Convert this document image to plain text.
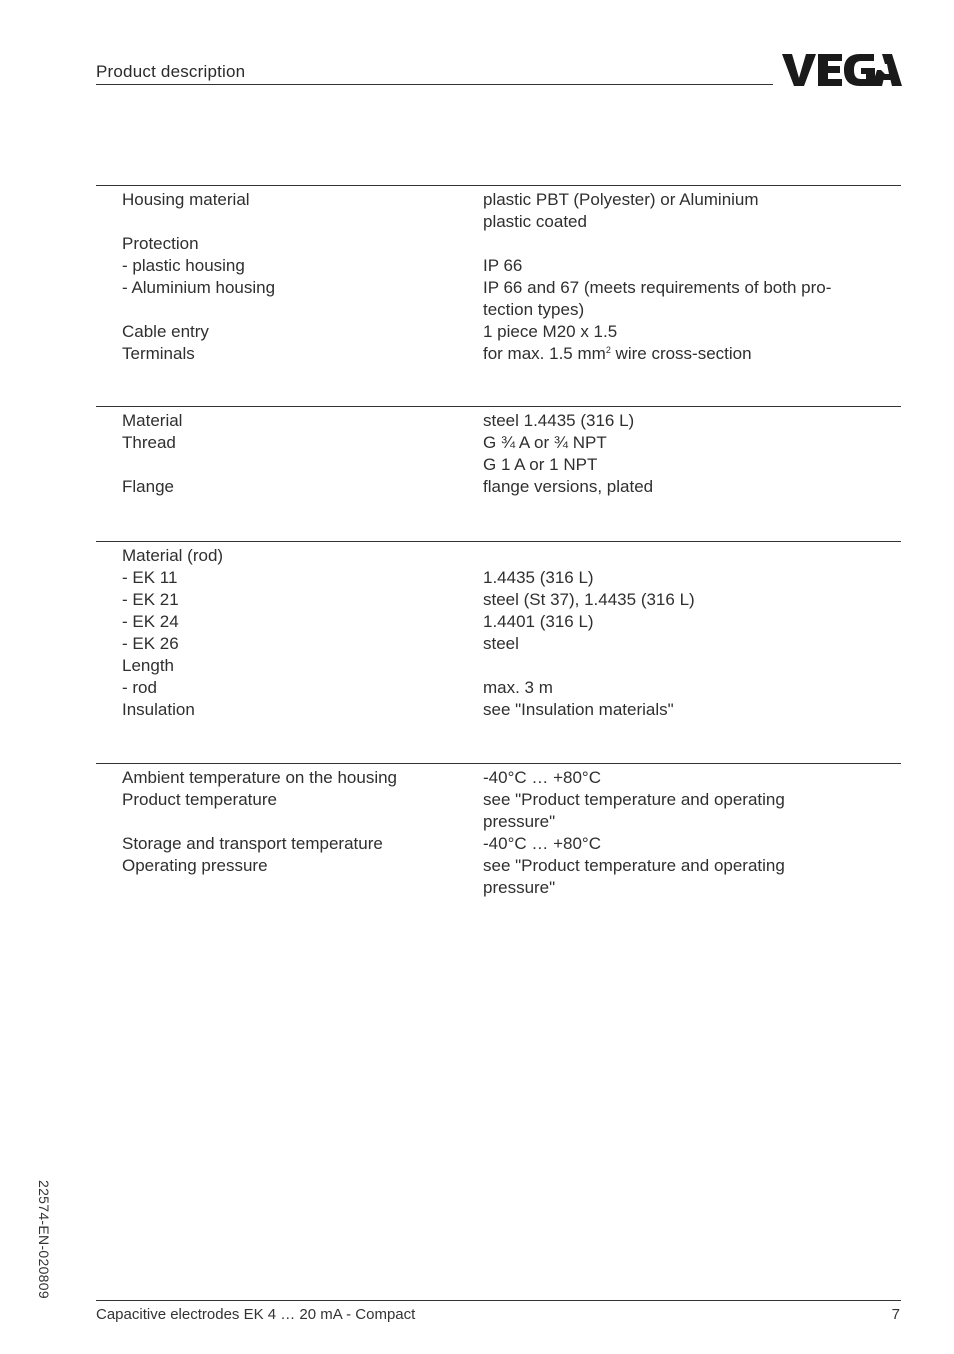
Product description
Housing material	plastic PBT (Polyester) or Aluminium
plastic coated
Protection
- plastic housing	IP 66
- Aluminium housing	IP 66 and 67 (meets requirements of both pro-
tection types)
Cable entry	1 piece M20 x 1.5
Terminals	for max. 1.5 $mm^2$ wire cross-section
Material	steel 1.4435 (316 L)
Thread	G ¾ A or ¾ NPT
G 1 A or 1 NPT
Flange	flange versions, plated
Material (rod)
- EK 11	1.4435 (316 L)
- EK 21	steel (St 37), 1.4435 (316 L)
- EK 24	1.4401 (316 L)
- EK 26	steel
Length
- rod	max. 3 m
Insulation	see "Insulation materials"
Ambient temperature on the housing	-40°C … +80°C
Product temperature	see "Product temperature and operating
pressure"
Storage and transport temperature	-40°C … +80°C
Operating pressure	see "Product temperature and operating
pressure"
22574-EN-020809
Capacitive electrodes EK 4 … 20 mA - Compact	7
